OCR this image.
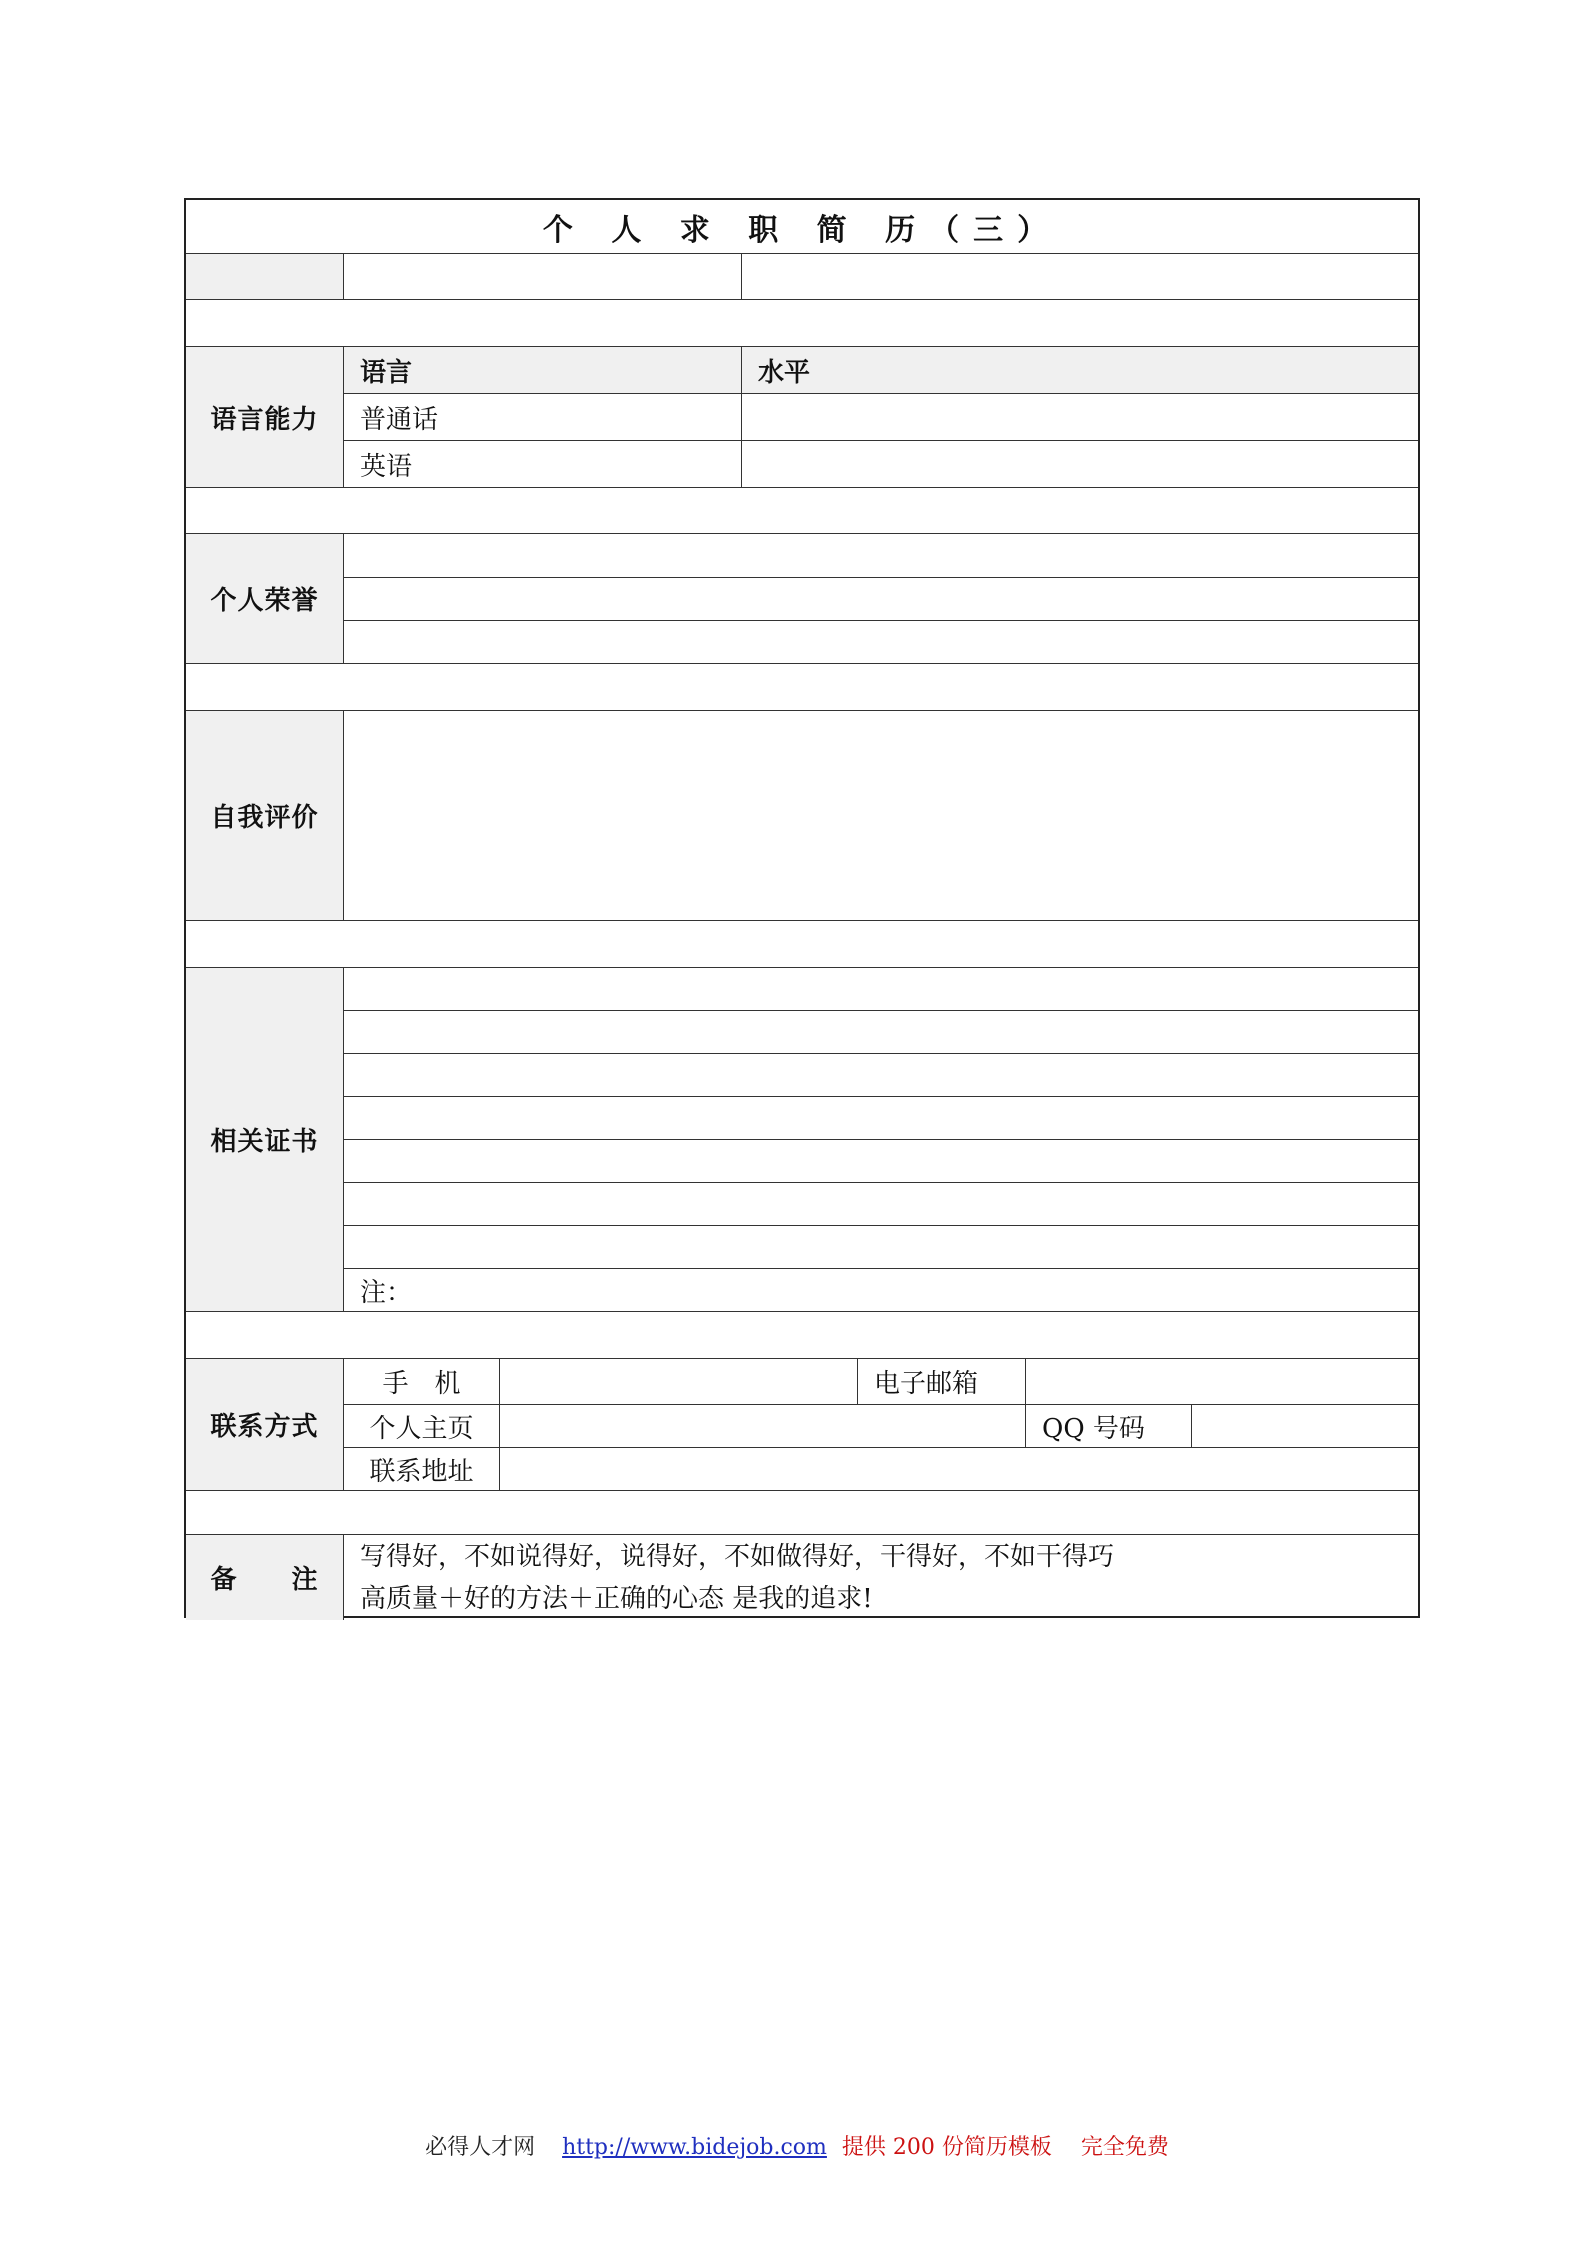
个 人 求 职 简 历（三）
语言能力
语言	水平
普通话
英语
个人荣誉
自我评价
相关证书
注：
联系方式
手　机	电子邮箱
个人主页	QQ 号码
联系地址
备　　注
写得好，不如说得好，说得好，不如做得好，干得好，不如干得巧
高质量＋好的方法＋正确的心态 是我的追求!
必得人才网 http://www.bidejob.com 提供 200 份简历模板 完全免费
